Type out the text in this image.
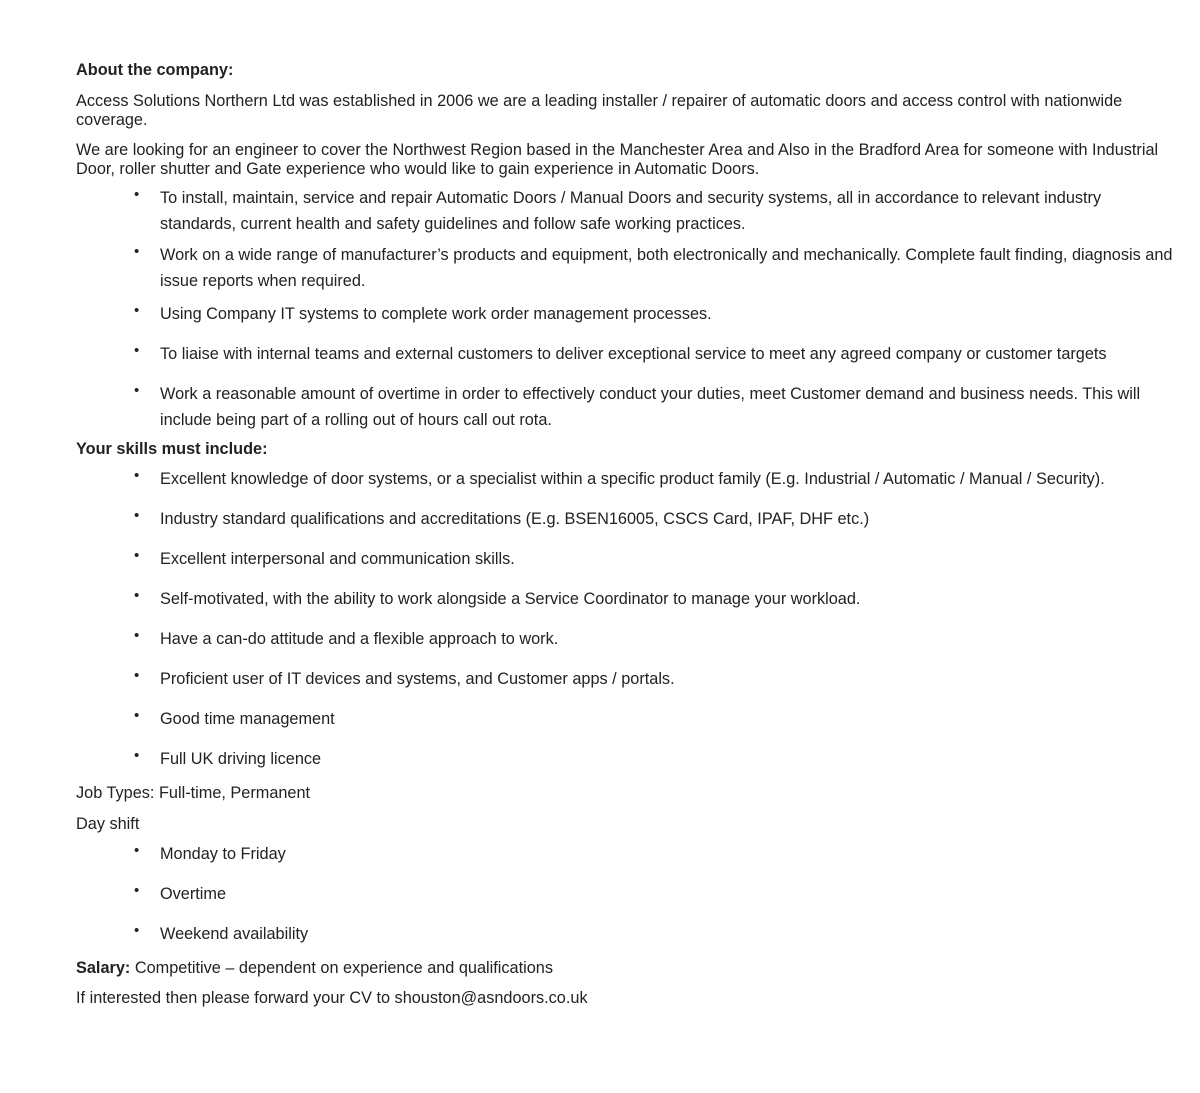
About the company:

Access Solutions Northern Ltd was established in 2006 we are a leading installer / repairer of automatic doors and access control with nationwide coverage.

We are looking for an engineer to cover the Northwest Region based in the Manchester Area and Also in the Bradford Area for someone with Industrial Door, roller shutter and Gate experience who would like to gain experience in Automatic Doors.

• To install, maintain, service and repair Automatic Doors / Manual Doors and security systems, all in accordance to relevant industry standards, current health and safety guidelines and follow safe working practices.
• Work on a wide range of manufacturer’s products and equipment, both electronically and mechanically. Complete fault finding, diagnosis and issue reports when required.
• Using Company IT systems to complete work order management processes.
• To liaise with internal teams and external customers to deliver exceptional service to meet any agreed company or customer targets
• Work a reasonable amount of overtime in order to effectively conduct your duties, meet Customer demand and business needs. This will include being part of a rolling out of hours call out rota.

Your skills must include:

• Excellent knowledge of door systems, or a specialist within a specific product family (E.g. Industrial / Automatic / Manual / Security).
• Industry standard qualifications and accreditations (E.g. BSEN16005, CSCS Card, IPAF, DHF etc.)
• Excellent interpersonal and communication skills.
• Self-motivated, with the ability to work alongside a Service Coordinator to manage your workload.
• Have a can-do attitude and a flexible approach to work.
• Proficient user of IT devices and systems, and Customer apps / portals.
• Good time management
• Full UK driving licence

Job Types: Full-time, Permanent

Day shift

• Monday to Friday
• Overtime
• Weekend availability

Salary: Competitive – dependent on experience and qualifications

If interested then please forward your CV to shouston@asndoors.co.uk
